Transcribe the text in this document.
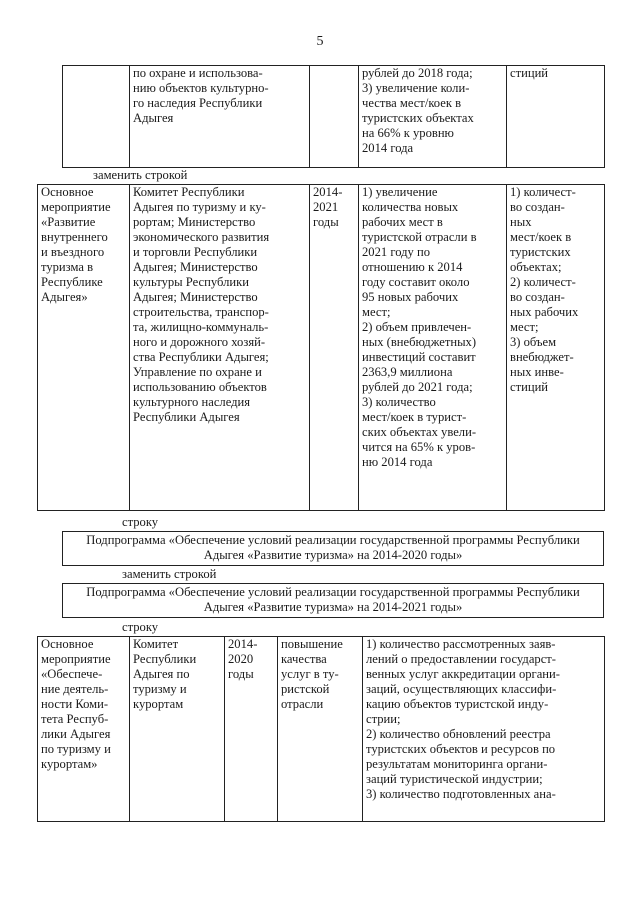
5
	по охране и использова-
нию объектов культурно-
го наследия Республики
Адыгея		рублей до 2018 года;
3) увеличение коли-
чества мест/коек в
туристских объектах
на 66% к уровню
2014 года	стиций
заменить строкой
Основное
мероприятие
«Развитие
внутреннего
и въездного
туризма в
Республике
Адыгея»	Комитет Республики
Адыгея по туризму и ку-
рортам; Министерство
экономического развития
и торговли Республики
Адыгея; Министерство
культуры Республики
Адыгея; Министерство
строительства, транспор-
та, жилищно-коммуналь-
ного и дорожного хозяй-
ства Республики Адыгея;
Управление по охране и
использованию объектов
культурного наследия
Республики Адыгея	2014-
2021
годы	1) увеличение
количества новых
рабочих мест в
туристской отрасли в
2021 году по
отношению к 2014
году составит около
95 новых рабочих
мест;
2) объем привлечен-
ных (внебюджетных)
инвестиций составит
2363,9 миллиона
рублей до 2021 года;
3) количество
мест/коек в турист-
ских объектах увели-
чится на 65% к уров-
ню 2014 года	1) количест-
во создан-
ных
мест/коек в
туристских
объектах;
2) количест-
во создан-
ных рабочих
мест;
3) объем
внебюджет-
ных инве-
стиций
строку
Подпрограмма «Обеспечение условий реализации государственной программы Республики Адыгея «Развитие туризма» на 2014-2020 годы»
заменить строкой
Подпрограмма «Обеспечение условий реализации государственной программы Республики Адыгея «Развитие туризма» на 2014-2021 годы»
строку
Основное
мероприятие
«Обеспече-
ние деятель-
ности Коми-
тета Респуб-
лики Адыгея
по туризму и
курортам»	Комитет
Республики
Адыгея по
туризму и
курортам	2014-
2020
годы	повышение
качества
услуг в ту-
ристской
отрасли	1) количество рассмотренных заяв-
лений о предоставлении государст-
венных услуг аккредитации органи-
заций, осуществляющих классифи-
кацию объектов туристской инду-
стрии;
2) количество обновлений реестра
туристских объектов и ресурсов по
результатам мониторинга органи-
заций туристической индустрии;
3) количество подготовленных ана-
